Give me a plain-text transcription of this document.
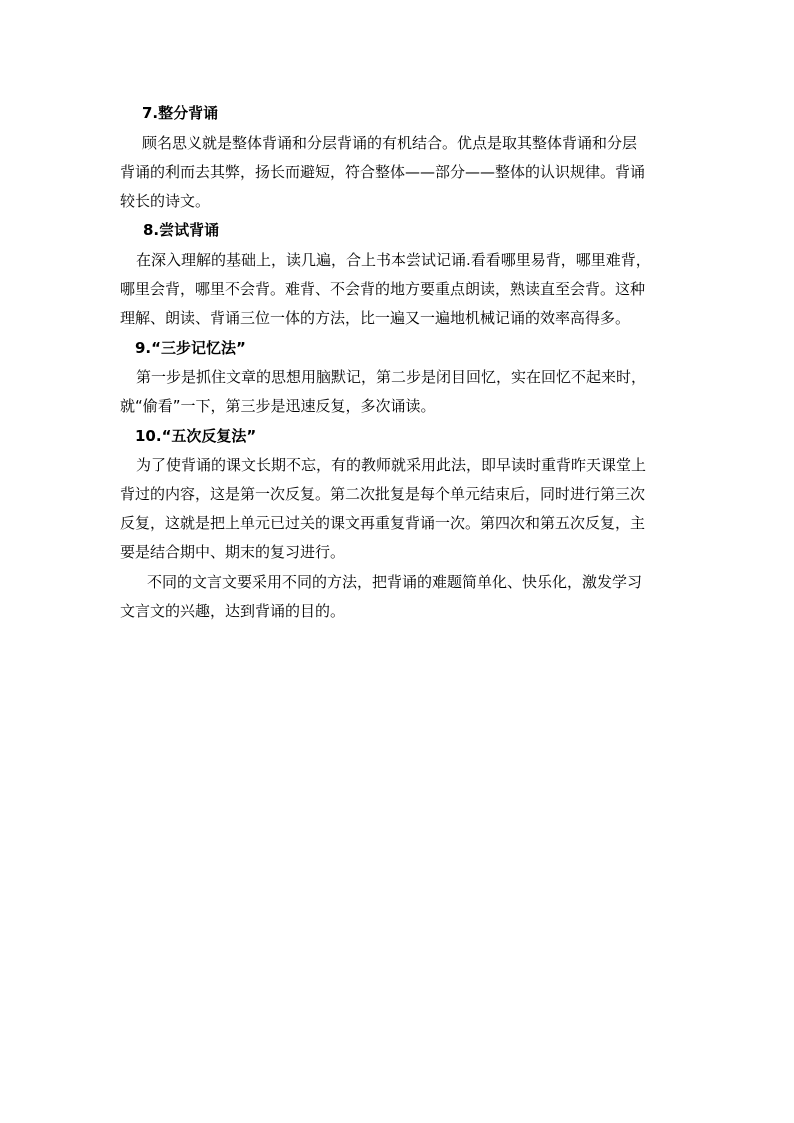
7.整分背诵
顾名思义就是整体背诵和分层背诵的有机结合。优点是取其整体背诵和分层
背诵的利而去其弊，扬长而避短，符合整体——部分——整体的认识规律。背诵
较长的诗文。
8.尝试背诵
在深入理解的基础上，读几遍，合上书本尝试记诵.看看哪里易背，哪里难背，
哪里会背，哪里不会背。难背、不会背的地方要重点朗读，熟读直至会背。这种
理解、朗读、背诵三位一体的方法，比一遍又一遍地机械记诵的效率高得多。
9.“三步记忆法”
第一步是抓住文章的思想用脑默记，第二步是闭目回忆，实在回忆不起来时，
就“偷看”一下，第三步是迅速反复，多次诵读。
10.“五次反复法”
为了使背诵的课文长期不忘，有的教师就采用此法，即早读时重背昨天课堂上
背过的内容，这是第一次反复。第二次批复是每个单元结束后，同时进行第三次
反复，这就是把上单元已过关的课文再重复背诵一次。第四次和第五次反复，主
要是结合期中、期末的复习进行。
不同的文言文要采用不同的方法，把背诵的难题简单化、快乐化，激发学习
文言文的兴趣，达到背诵的目的。
